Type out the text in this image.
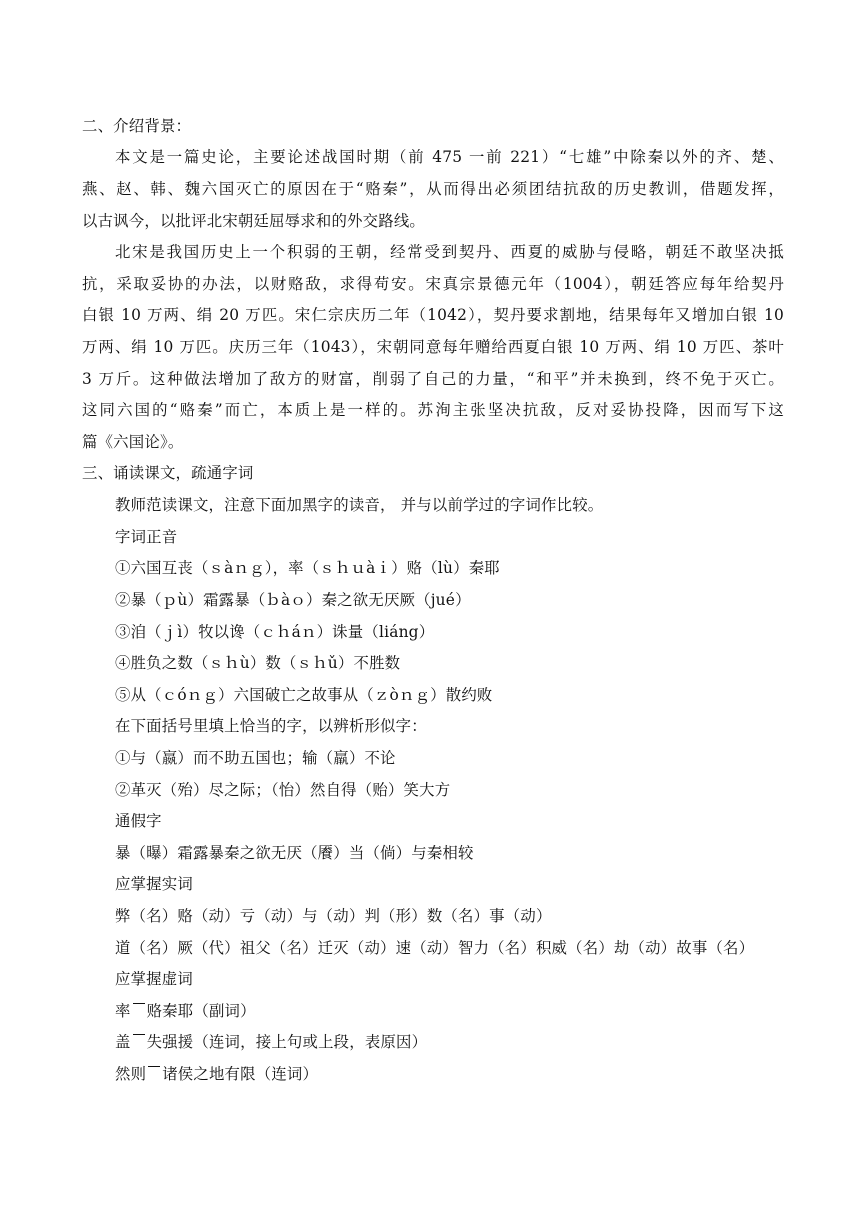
二、介绍背景：
本文是一篇史论，主要论述战国时期（前 475 一前 221）“七雄”中除秦以外的齐、楚、
燕、赵、韩、魏六国灭亡的原因在于“赂秦”，从而得出必须团结抗敌的历史教训，借题发挥，
以古讽今，以批评北宋朝廷屈辱求和的外交路线。
北宋是我国历史上一个积弱的王朝，经常受到契丹、西夏的威胁与侵略，朝廷不敢坚决抵
抗，采取妥协的办法，以财赂敌，求得苟安。宋真宗景德元年（1004），朝廷答应每年给契丹
白银 10 万两、绢 20 万匹。宋仁宗庆历二年（1042），契丹要求割地，结果每年又增加白银 10
万两、绢 10 万匹。庆历三年（1043），宋朝同意每年赠给西夏白银 10 万两、绢 10 万匹、茶叶
3 万斤。这种做法增加了敌方的财富，削弱了自己的力量，“和平”并未换到，终不免于灭亡。
这同六国的“赂秦”而亡，本质上是一样的。苏洵主张坚决抗敌，反对妥协投降，因而写下这
篇《六国论》。
三、诵读课文，疏通字词
教师范读课文，注意下面加黑字的读音， 并与以前学过的字词作比较。
字词正音
①六国互丧（ｓàｎｇ），率（ｓｈｕàｉ）赂（lù）秦耶
②暴（ｐù）霜露暴（ｂàｏ）秦之欲无厌厥（jué）
③洎（ｊì）牧以谗（ｃｈáｎ）诛量（liáng）
④胜负之数（ｓｈù）数（ｓｈǔ）不胜数
⑤从（ｃóｎｇ）六国破亡之故事从（ｚòｎｇ）散约败
在下面括号里填上恰当的字，以辨析形似字：
①与（嬴）而不助五国也；输（羸）不论
②革灭（殆）尽之际；（怡）然自得（贻）笑大方
通假字
暴（曝）霜露暴秦之欲无厌（餍）当（倘）与秦相较
应掌握实词
弊（名）赂（动）亏（动）与（动）判（形）数（名）事（动）
道（名）厥（代）祖父（名）迁灭（动）速（动）智力（名）积威（名）劫（动）故事（名）
应掌握虚词
率 赂秦耶（副词）
盖 失强援（连词，接上句或上段，表原因）
然则 诸侯之地有限（连词）
